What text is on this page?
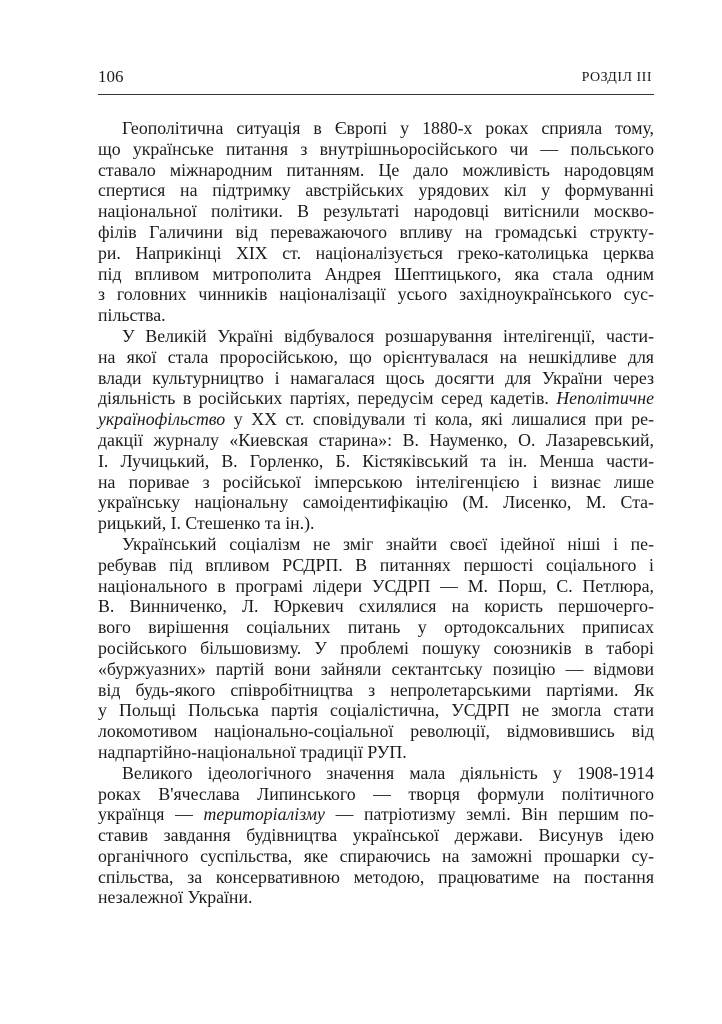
106	РОЗДІЛ ІІІ
Геополітична ситуація в Європі у 1880-х роках сприяла тому,
що українське питання з внутрішньоросійського чи — польського
ставало міжнародним питанням. Це дало можливість народовцям
спертися на підтримку австрійських урядових кіл у формуванні
національної політики. В результаті народовці витіснили москво-
філів Галичини від переважаючого впливу на громадські структу-
ри. Наприкінці XIX ст. націоналізується греко-католицька церква
під впливом митрополита Андрея Шептицького, яка стала одним
з головних чинників націоналізації усього західноукраїнського сус-
пільства.
У Великій Україні відбувалося розшарування інтелігенції, части-
на якої стала проросійською, що орієнтувалася на нешкідливе для
влади культурництво і намагалася щось досягти для України через
діяльність в російських партіях, передусім серед кадетів. Неполітичне
українофільство у XX ст. сповідували ті кола, які лишалися при ре-
дакції журналу «Киевская старина»: В. Науменко, О. Лазаревський,
І. Лучицький, В. Горленко, Б. Кістяківський та ін. Менша части-
на поривае з російської імперською інтелігенцією і визнає лише
українську національну самоідентифікацію (М. Лисенко, М. Ста-
рицький, І. Стешенко та ін.).
Український соціалізм не зміг знайти своєї ідейної ніші і пе-
ребував під впливом РСДРП. В питаннях першості соціального і
національного в програмі лідери УСДРП — М. Порш, С. Петлюра,
В. Винниченко, Л. Юркевич схилялися на користь першочерго-
вого вирішення соціальних питань у ортодоксальних приписах
російського більшовизму. У проблемі пошуку союзників в таборі
«буржуазних» партій вони зайняли сектантську позицію — відмови
від будь-якого співробітництва з непролетарськими партіями. Як
у Польщі Польська партія соціалістична, УСДРП не змогла стати
локомотивом національно-соціальної революції, відмовившись від
надпартійно-національної традиції РУП.
Великого ідеологічного значення мала діяльність у 1908-1914
роках В'ячеслава Липинського — творця формули політичного
українця — територіалізму — патріотизму землі. Він першим по-
ставив завдання будівництва української держави. Висунув ідею
органічного суспільства, яке спираючись на заможні прошарки су-
спільства, за консервативною методою, працюватиме на постання
незалежної України.
